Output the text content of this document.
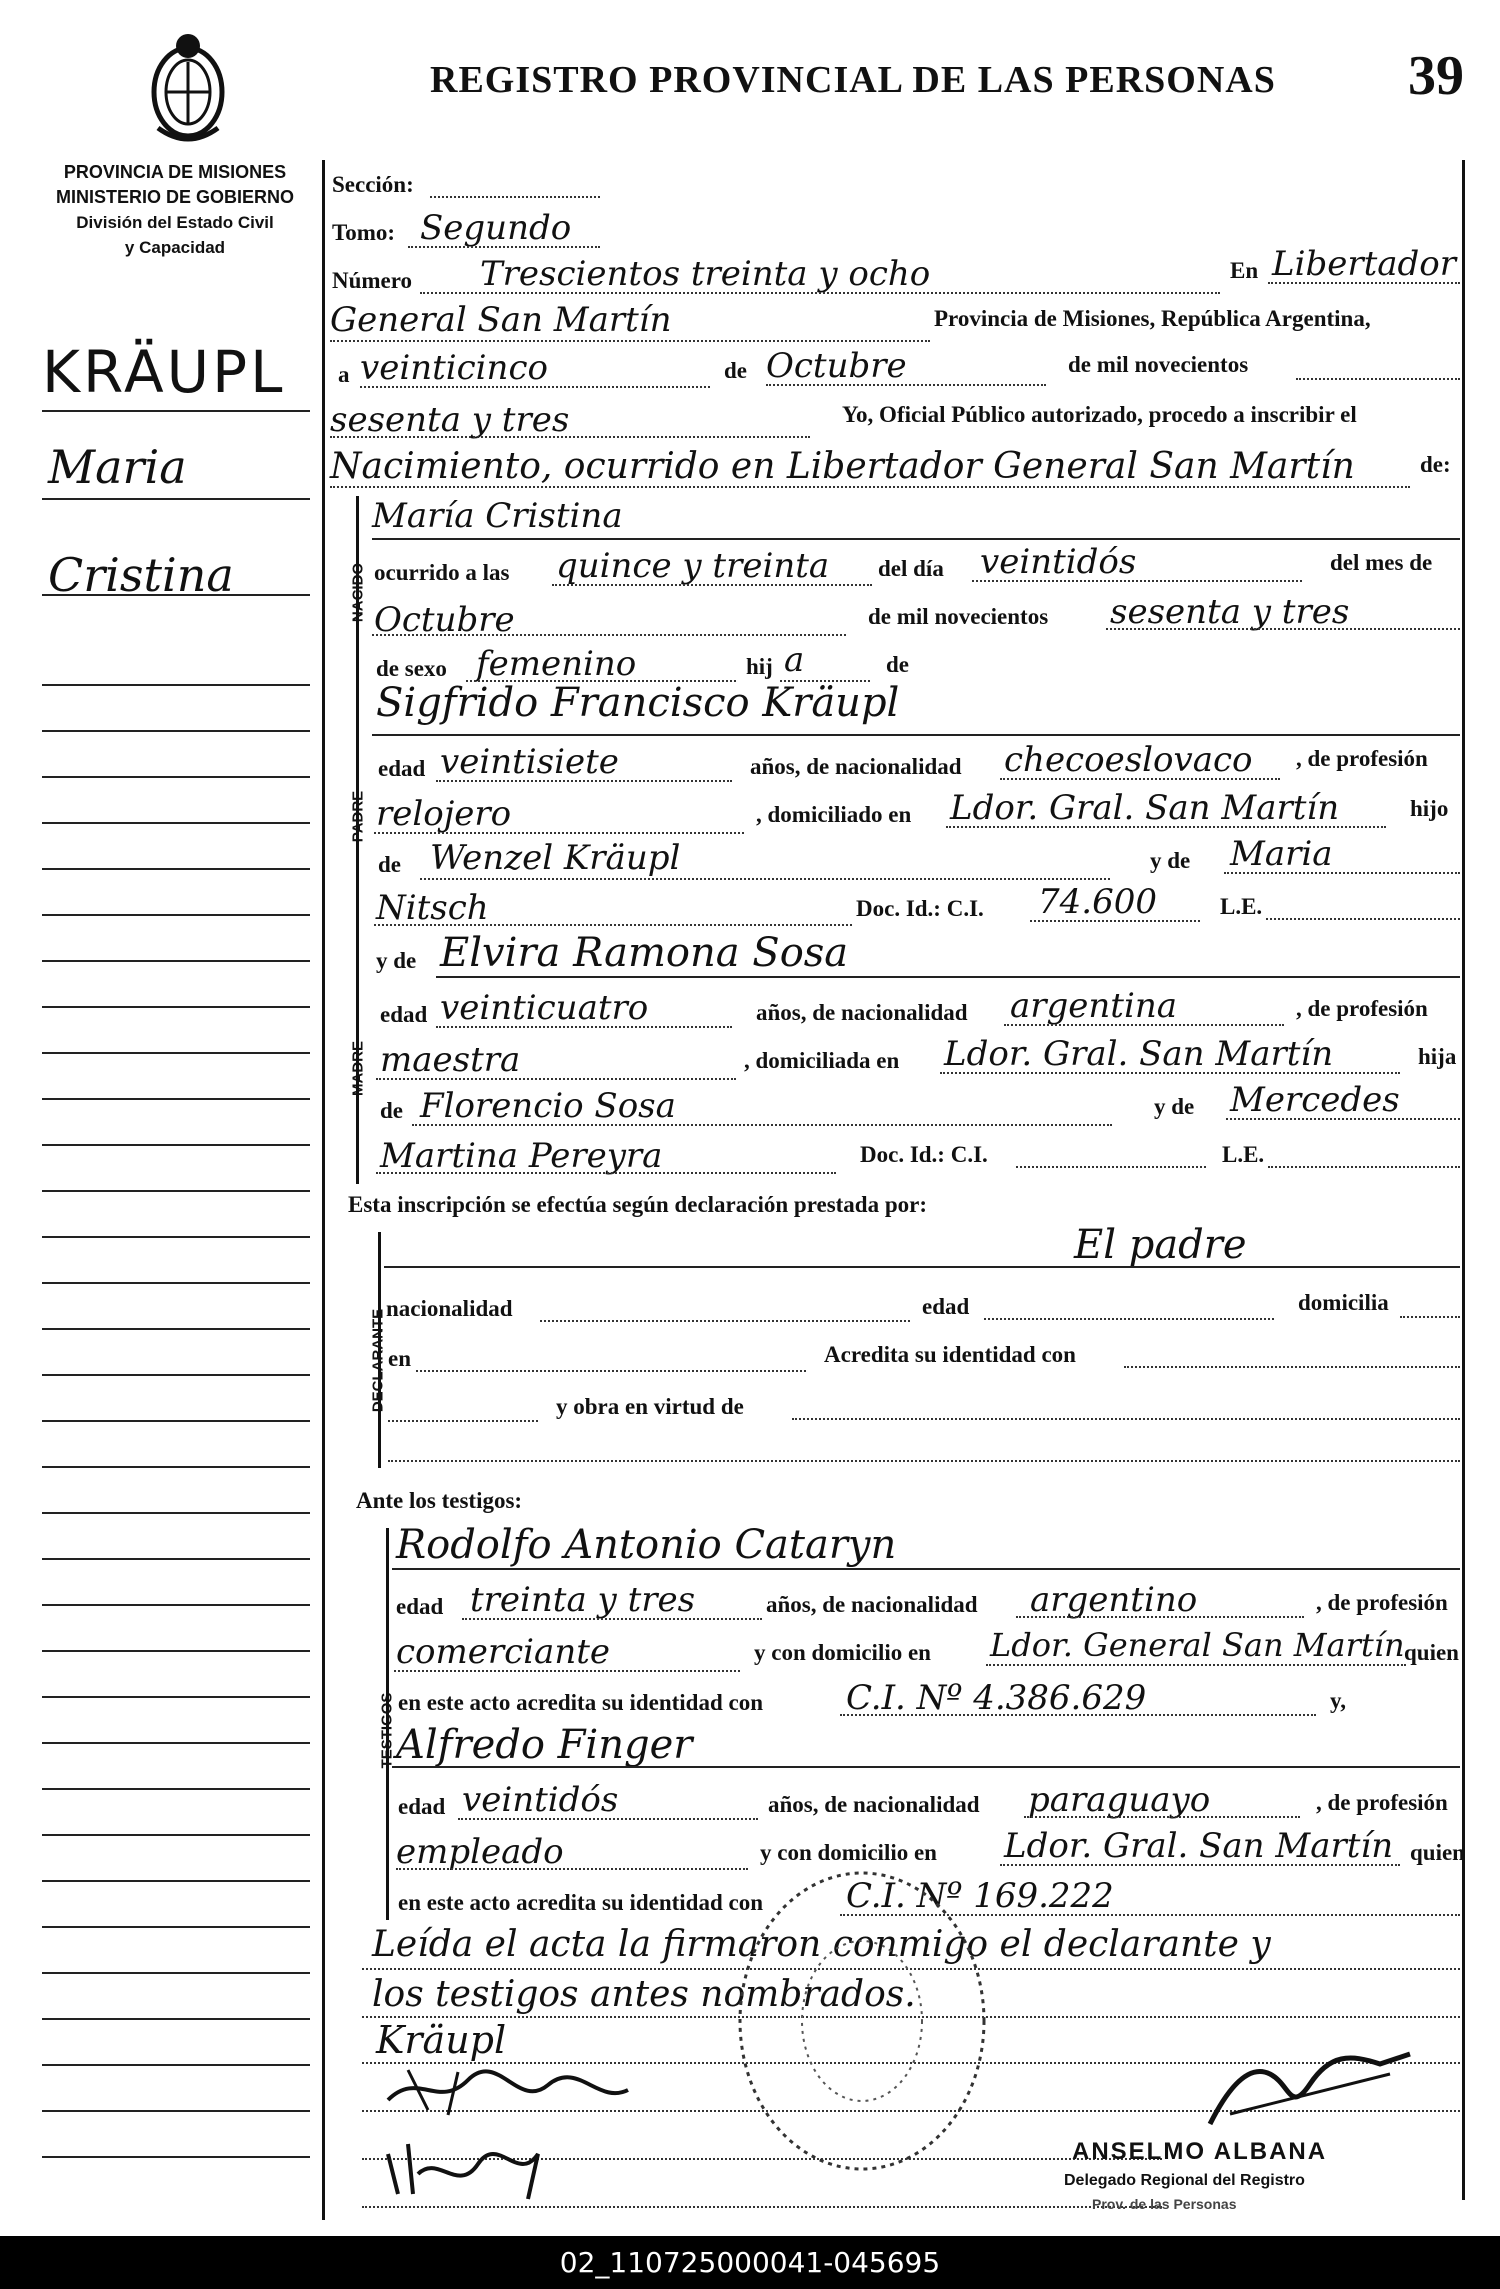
REGISTRO PROVINCIAL DE LAS PERSONAS 39
PROVINCIA DE MISIONES
MINISTERIO DE GOBIERNO
División del Estado Civil
y Capacidad
KRÄUPL
Maria
Cristina
Sección:
Tomo: Segundo
Número Trescientos treinta y ocho	En Libertador
General San Martín	Provincia de Misiones, República Argentina,
a veinticinco	de Octubre	de mil novecientos
sesenta y tres	Yo, Oficial Público autorizado, procedo a inscribir el
Nacimiento, ocurrido en Libertador General San Martín	de:
NACIDO
María Cristina
ocurrido a las quince y treinta del día veintidós	del mes de
Octubre	de mil novecientos sesenta y tres
de sexo femenino	hij a	de
PADRE
Sigfrido Francisco Kräupl
edad veintisiete	años, de nacionalidad checoeslovaco , de profesión
relojero	, domiciliado en Ldor. Gral. San Martín	hijo
de Wenzel Kräupl	y de Maria
Nitsch	Doc. Id.: C.I. 74.600	L.E.
MADRE
y de Elvira Ramona Sosa
edad veinticuatro	años, de nacionalidad argentina	, de profesión
maestra	, domiciliada en Ldor. Gral. San Martín	hija
de Florencio Sosa	y de Mercedes
Martina Pereyra	Doc. Id.: C.I.	L.E.
Esta inscripción se efectúa según declaración prestada por:
DECLARANTE
El padre
nacionalidad	edad	domicilia
en	Acredita su identidad con
y obra en virtud de
Ante los testigos:
TESTIGOS
Rodolfo Antonio Cataryn
edad treinta y tres	años, de nacionalidad argentino	, de profesión
comerciante	y con domicilio en Ldor. General San Martín quien
en este acto acredita su identidad con C.I. Nº 4.386.629	y,
Alfredo Finger
edad veintidós	años, de nacionalidad paraguayo	, de profesión
empleado	y con domicilio en Ldor. Gral. San Martín quien
en este acto acredita su identidad con C.I. Nº 169.222
Leída el acta la firmaron conmigo el declarante y
los testigos antes nombrados.
Kräupl
ANSELMO ALBANA
Delegado Regional del Registro
Prov. de las Personas
02_110725000041-045695
